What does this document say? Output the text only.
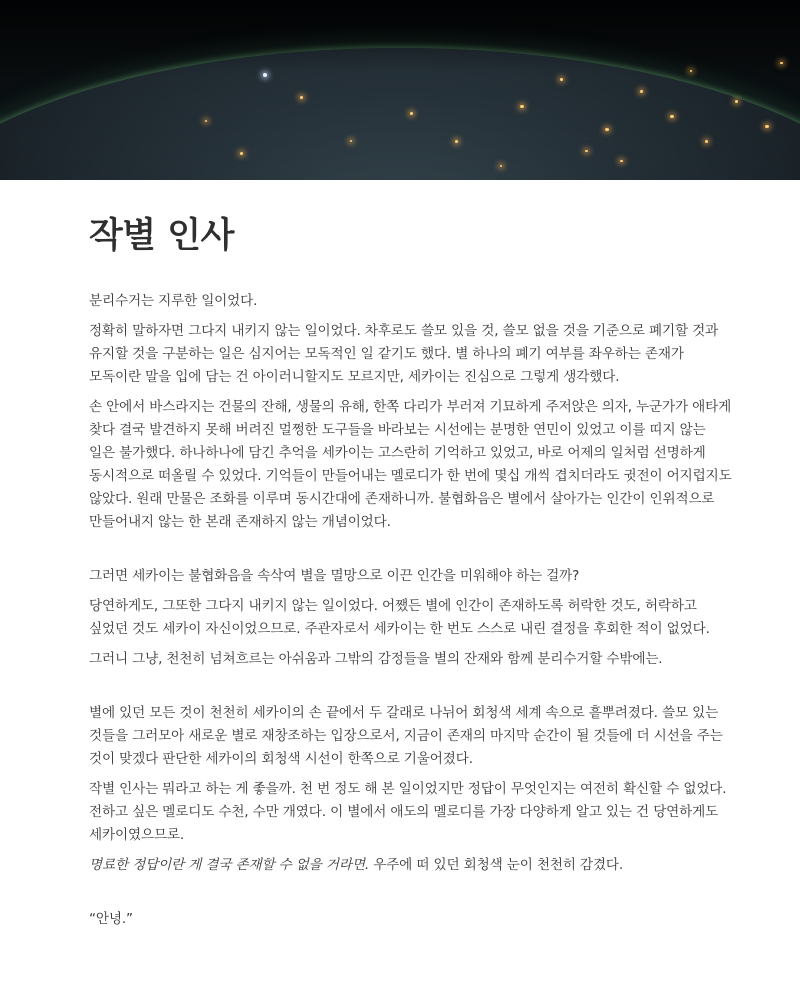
작별 인사

분리수거는 지루한 일이었다.

정확히 말하자면 그다지 내키지 않는 일이었다. 차후로도 쓸모 있을 것, 쓸모 없을 것을 기준으로 폐기할 것과 유지할 것을 구분하는 일은 심지어는 모독적인 일 같기도 했다. 별 하나의 폐기 여부를 좌우하는 존재가 모독이란 말을 입에 담는 건 아이러니할지도 모르지만, 세카이는 진심으로 그렇게 생각했다.

손 안에서 바스라지는 건물의 잔해, 생물의 유해, 한쪽 다리가 부러져 기묘하게 주저앉은 의자, 누군가가 애타게 찾다 결국 발견하지 못해 버려진 멀쩡한 도구들을 바라보는 시선에는 분명한 연민이 있었고 이를 띠지 않는 일은 불가했다. 하나하나에 담긴 추억을 세카이는 고스란히 기억하고 있었고, 바로 어제의 일처럼 선명하게 동시적으로 떠올릴 수 있었다. 기억들이 만들어내는 멜로디가 한 번에 몇십 개씩 겹치더라도 귓전이 어지럽지도 않았다. 원래 만물은 조화를 이루며 동시간대에 존재하니까. 불협화음은 별에서 살아가는 인간이 인위적으로 만들어내지 않는 한 본래 존재하지 않는 개념이었다.

그러면 세카이는 불협화음을 속삭여 별을 멸망으로 이끈 인간을 미워해야 하는 걸까?

당연하게도, 그또한 그다지 내키지 않는 일이었다. 어쨌든 별에 인간이 존재하도록 허락한 것도, 허락하고 싶었던 것도 세카이 자신이었으므로. 주관자로서 세카이는 한 번도 스스로 내린 결정을 후회한 적이 없었다.

그러니 그냥, 천천히 넘쳐흐르는 아쉬움과 그밖의 감정들을 별의 잔재와 함께 분리수거할 수밖에는.

별에 있던 모든 것이 천천히 세카이의 손 끝에서 두 갈래로 나뉘어 회청색 세계 속으로 흩뿌려졌다. 쓸모 있는 것들을 그러모아 새로운 별로 재창조하는 입장으로서, 지금이 존재의 마지막 순간이 될 것들에 더 시선을 주는 것이 맞겠다 판단한 세카이의 회청색 시선이 한쪽으로 기울어졌다.

작별 인사는 뭐라고 하는 게 좋을까. 천 번 정도 해 본 일이었지만 정답이 무엇인지는 여전히 확신할 수 없었다. 전하고 싶은 멜로디도 수천, 수만 개였다. 이 별에서 애도의 멜로디를 가장 다양하게 알고 있는 건 당연하게도 세카이였으므로.

명료한 정답이란 게 결국 존재할 수 없을 거라면. 우주에 떠 있던 회청색 눈이 천천히 감겼다.

“안녕.”
